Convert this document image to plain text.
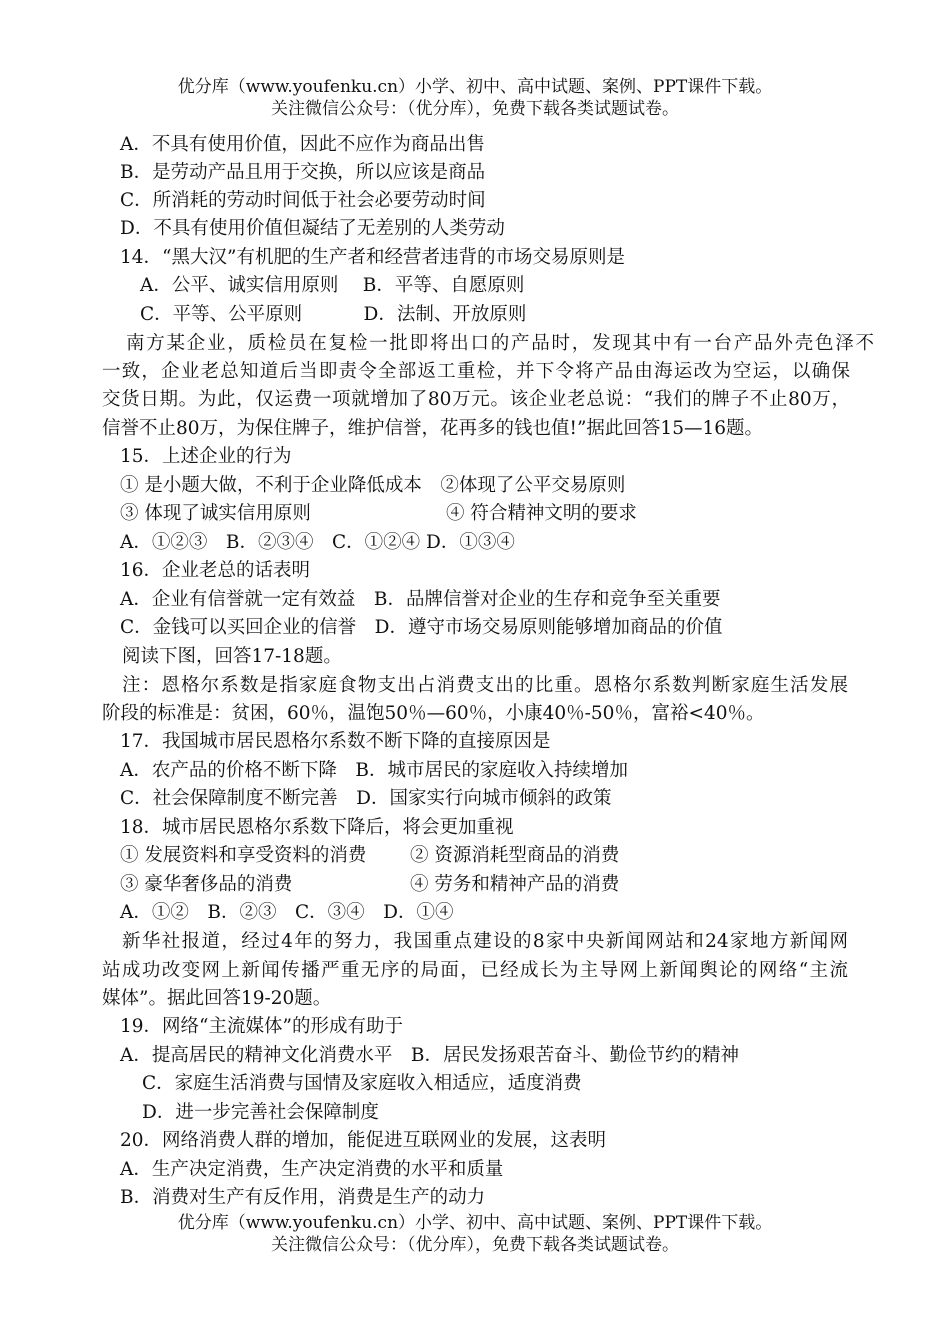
优分库（www.youfenku.cn）小学、初中、高中试题、案例、PPT课件下载。
关注微信公众号：（优分库），免费下载各类试题试卷。
A．不具有使用价值，因此不应作为商品出售
B．是劳动产品且用于交换，所以应该是商品
C．所消耗的劳动时间低于社会必要劳动时间
D．不具有使用价值但凝结了无差别的人类劳动
14．“黑大汉”有机肥的生产者和经营者违背的市场交易原则是
A．公平、诚实信用原则　 B．平等、自愿原则
C．平等、公平原则　　　 D．法制、开放原则
南方某企业，质检员在复检一批即将出口的产品时，发现其中有一台产品外壳色泽不
一致，企业老总知道后当即责令全部返工重检，并下令将产品由海运改为空运，以确保
交货日期。为此，仅运费一项就增加了80万元。该企业老总说：“我们的牌子不止80万，
信誉不止80万，为保住牌子，维护信誉，花再多的钱也值!”据此回答15—16题。
15．上述企业的行为
① 是小题大做，不利于企业降低成本　②体现了公平交易原则
③ 体现了诚实信用原则	④ 符合精神文明的要求
A．①②③　B．②③④　C．①②④ D．①③④
16．企业老总的话表明
A．企业有信誉就一定有效益　B．品牌信誉对企业的生存和竞争至关重要
C．金钱可以买回企业的信誉　D．遵守市场交易原则能够增加商品的价值
阅读下图，回答17-18题。
注：恩格尔系数是指家庭食物支出占消费支出的比重。恩格尔系数判断家庭生活发展
阶段的标准是：贫困，60％，温饱50％—60％，小康40％-50％，富裕<40％。
17．我国城市居民恩格尔系数不断下降的直接原因是
A．农产品的价格不断下降　B．城市居民的家庭收入持续增加
C．社会保障制度不断完善　D．国家实行向城市倾斜的政策
18．城市居民恩格尔系数下降后，将会更加重视
① 发展资料和享受资料的消费 ② 资源消耗型商品的消费
③ 豪华奢侈品的消费	④ 劳务和精神产品的消费
A．①②　B．②③　C．③④　D．①④
新华社报道，经过4年的努力，我国重点建设的8家中央新闻网站和24家地方新闻网
站成功改变网上新闻传播严重无序的局面，已经成长为主导网上新闻舆论的网络“主流
媒体”。据此回答19-20题。
19．网络“主流媒体”的形成有助于
A．提高居民的精神文化消费水平　B．居民发扬艰苦奋斗、勤俭节约的精神
C．家庭生活消费与国情及家庭收入相适应，适度消费
D．进一步完善社会保障制度
20．网络消费人群的增加，能促进互联网业的发展，这表明
A．生产决定消费，生产决定消费的水平和质量
B．消费对生产有反作用，消费是生产的动力
优分库（www.youfenku.cn）小学、初中、高中试题、案例、PPT课件下载。
关注微信公众号：（优分库），免费下载各类试题试卷。
